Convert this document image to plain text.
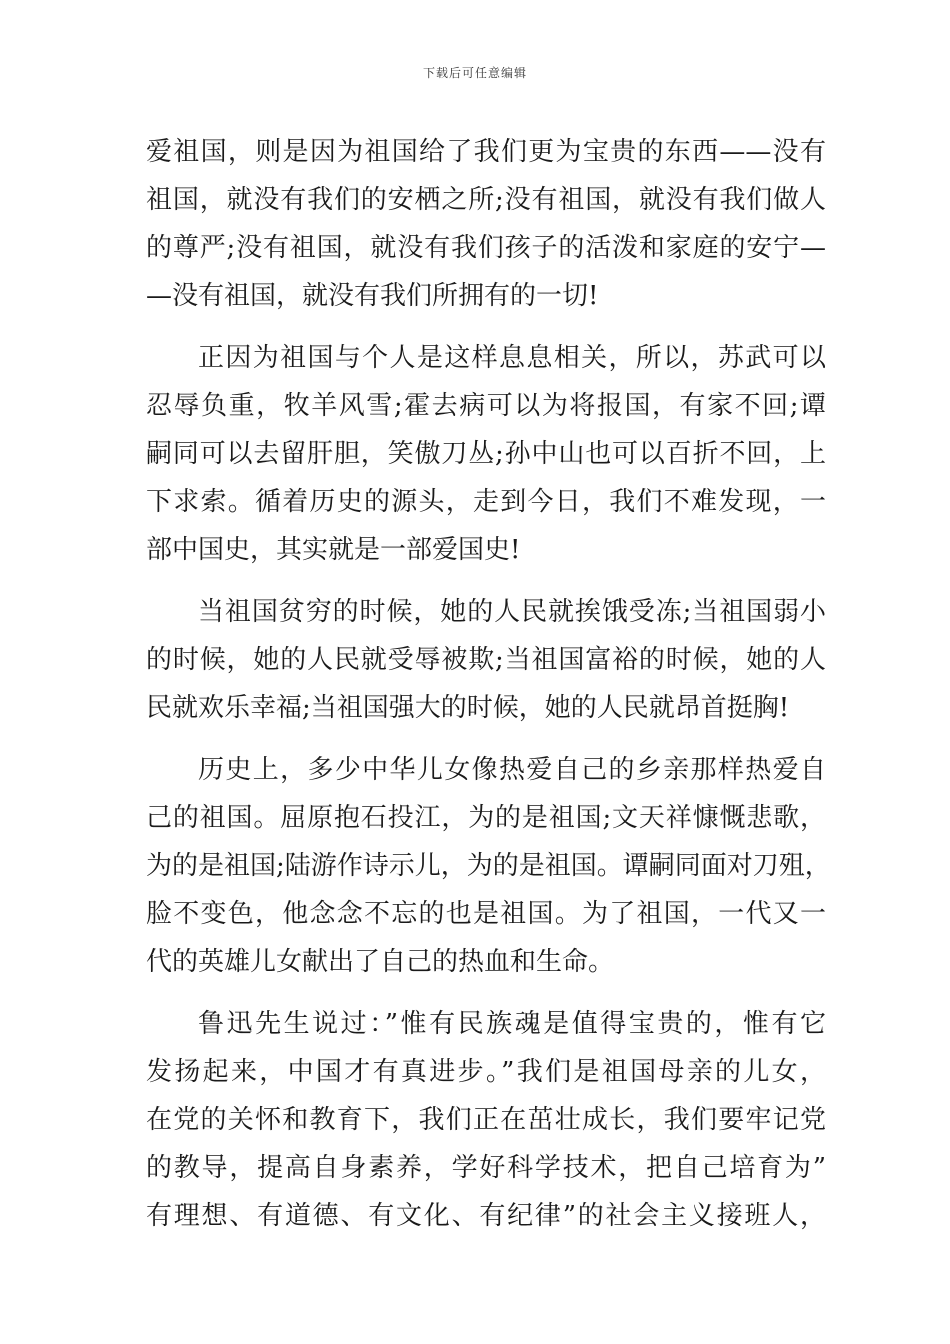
下载后可任意编辑
爱祖国，则是因为祖国给了我们更为宝贵的东西——没有
祖国，就没有我们的安栖之所;没有祖国，就没有我们做人
的尊严;没有祖国，就没有我们孩子的活泼和家庭的安宁—
—没有祖国，就没有我们所拥有的一切!
正因为祖国与个人是这样息息相关，所以，苏武可以
忍辱负重，牧羊风雪;霍去病可以为将报国，有家不回;谭
嗣同可以去留肝胆，笑傲刀丛;孙中山也可以百折不回，上
下求索。循着历史的源头，走到今日，我们不难发现，一
部中国史，其实就是一部爱国史!
当祖国贫穷的时候，她的人民就挨饿受冻;当祖国弱小
的时候，她的人民就受辱被欺;当祖国富裕的时候，她的人
民就欢乐幸福;当祖国强大的时候，她的人民就昂首挺胸!
历史上，多少中华儿女像热爱自己的乡亲那样热爱自
己的祖国。屈原抱石投江，为的是祖国;文天祥慷慨悲歌，
为的是祖国;陆游作诗示儿，为的是祖国。谭嗣同面对刀殂，
脸不变色，他念念不忘的也是祖国。为了祖国，一代又一
代的英雄儿女献出了自己的热血和生命。
鲁迅先生说过：”惟有民族魂是值得宝贵的，惟有它
发扬起来，中国才有真进步。”我们是祖国母亲的儿女，
在党的关怀和教育下，我们正在茁壮成长，我们要牢记党
的教导，提高自身素养，学好科学技术，把自己培育为”
有理想、有道德、有文化、有纪律”的社会主义接班人，
